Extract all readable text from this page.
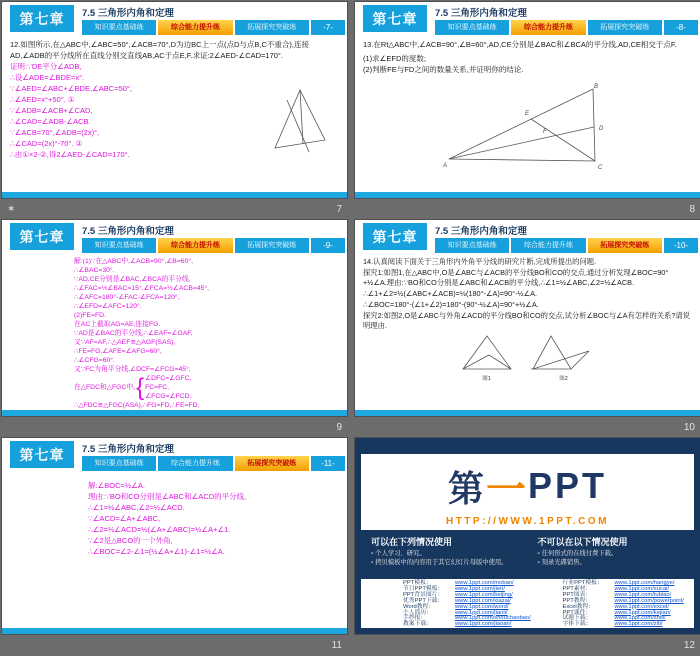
第七章	7.5 三角形内角和定理
知识要点基础练	综合能力提升练	拓展探究突破练	-7-
12.如图所示,在△ABC中,∠ABC=50°,∠ACB=70°,D为边BC上一点(点D与点B,C不重合),连接AD,∠ADB的平分线所在直线分别交直线AB,AC于点E,F.求证:2∠AED-∠CAD=170°.
证明:∵DE平分∠ADB,
∴设∠ADE=∠BDE=x°.
∵∠AED=∠ABC+∠BDE,∠ABC=50°,
∴∠AED=x°+50°. ①
∵∠ADB=∠ACB+∠CAD,
∴∠CAD=∠ADB-∠ACB.
∵∠ACB=70°,∠ADB=(2x)°,
∴∠CAD=(2x)°-70°. ②
∴由①×2-②,得2∠AED-∠CAD=170°.
✶	7
第七章	7.5 三角形内角和定理
知识要点基础练	综合能力提升练	拓展探究突破练	-8-
13.在Rt△ABC中,∠ACB=90°,∠B=60°,AD,CE分别是∠BAC和∠BCA的平分线,AD,CE相交于点F.
(1)求∠EFD的度数;
(2)判断FE与FD之间的数量关系,并证明你的结论.
A
B
C
D
E
F
8
第七章	7.5 三角形内角和定理
知识要点基础练	综合能力提升练	拓展探究突破练	-9-
解:(1)∵在△ABC中,∠ACB=90°,∠B=60°,
∴∠BAC=30°.
∵AD,CE分别是∠BAC,∠BCA的平分线,
∴∠FAC=½∠BAC=15°,∠FCA=½∠ACB=45°,
∴∠AFC=180°-∠FAC-∠FCA=120°,
∴∠EFD=∠AFC=120°.
(2)FE=FD.
在AC上截取AG=AE,连接FG.
∵AD是∠BAC的平分线,∴∠EAF=∠GAF,
又∵AF=AF,∴△AEF≌△AGF(SAS),
∴FE=FG,∠AFE=∠AFG=60°,
∴∠CFG=60°.
又∵FC为角平分线,∠DCF=∠FCG=45°,
在△FDC和△FGC中, { ∠DFC=∠GFC,
FC=FC,
∠FCG=∠FCD,
∴△FDC≌△FGC(ASA),∴FG=FD,∴FE=FD.
9
第七章	7.5 三角形内角和定理
知识要点基础练	综合能力提升练	拓展探究突破练	-10-

14.认真阅读下面关于三角形内外角平分线的研究片断,完成所提出的问题.

探究1:如图1,在△ABC中,O是∠ABC与∠ACB的平分线BO和CO的交点,通过分析发现∠BOC=90°+½∠A.理由:∵BO和CO分别是∠ABC和∠ACB的平分线,∴∠1=½∠ABC,∠2=½∠ACB.

∴∠1+∠2=½(∠ABC+∠ACB)=½(180°-∠A)=90°-½∠A.

∴∠BOC=180°-(∠1+∠2)=180°-(90°-½∠A)=90°+½∠A.

探究2:如图2,O是∠ABC与外角∠ACD的平分线BO和CO的交点,试分析∠BOC与∠A有怎样的关系?请说明理由.

图1	图2
10
第七章	7.5 三角形内角和定理
知识要点基础练	综合能力提升练	拓展探究突破练	-11-
解:∠BOC=½∠A.
理由:∵BO和CO分别是∠ABC和∠ACD的平分线,
∴∠1=½∠ABC,∠2=½∠ACD.
∵∠ACD=∠A+∠ABC,
∴∠2=½∠ACD=½(∠A+∠ABC)=½∠A+∠1.
∵∠2是△BCO的一个外角,
∴∠BOC=∠2-∠1=(½∠A+∠1)-∠1=½∠A.
11
第 一 PPT
HTTP://WWW.1PPT.COM
可以在下列情况使用
▪ 个人学习、研究。
▪ 拷贝模板中的内容用于其它幻灯片母版中使用。
不可以在以下情况使用
▪ 任何形式的在线付费下载。
▪ 刻录光碟销售。
PPT模板：	www.1ppt.com/moban/
节日PPT模板：	www.1ppt.com/jieri/
PPT背景图片：	www.1ppt.com/beijing/
优秀PPT下载：	www.1ppt.com/xiazai/
Word教程：	www.1ppt.com/word/
个人简历：	www.1ppt.com/jianli/
手抄报：	www.1ppt.com/shouchaobao/
教案下载：	www.1ppt.com/jiaoan/
行业PPT模板：	www.1ppt.com/hangye/
PPT素材：	www.1ppt.com/sucai/
PPT图表：	www.1ppt.com/tubiao/
PPT教程：	www.1ppt.com/powerpoint/
Excel教程：	www.1ppt.com/excel/
PPT课件：	www.1ppt.com/kejian/
试题下载：	www.1ppt.com/shiti/
字体下载：	www.1ppt.com/ziti/
12
